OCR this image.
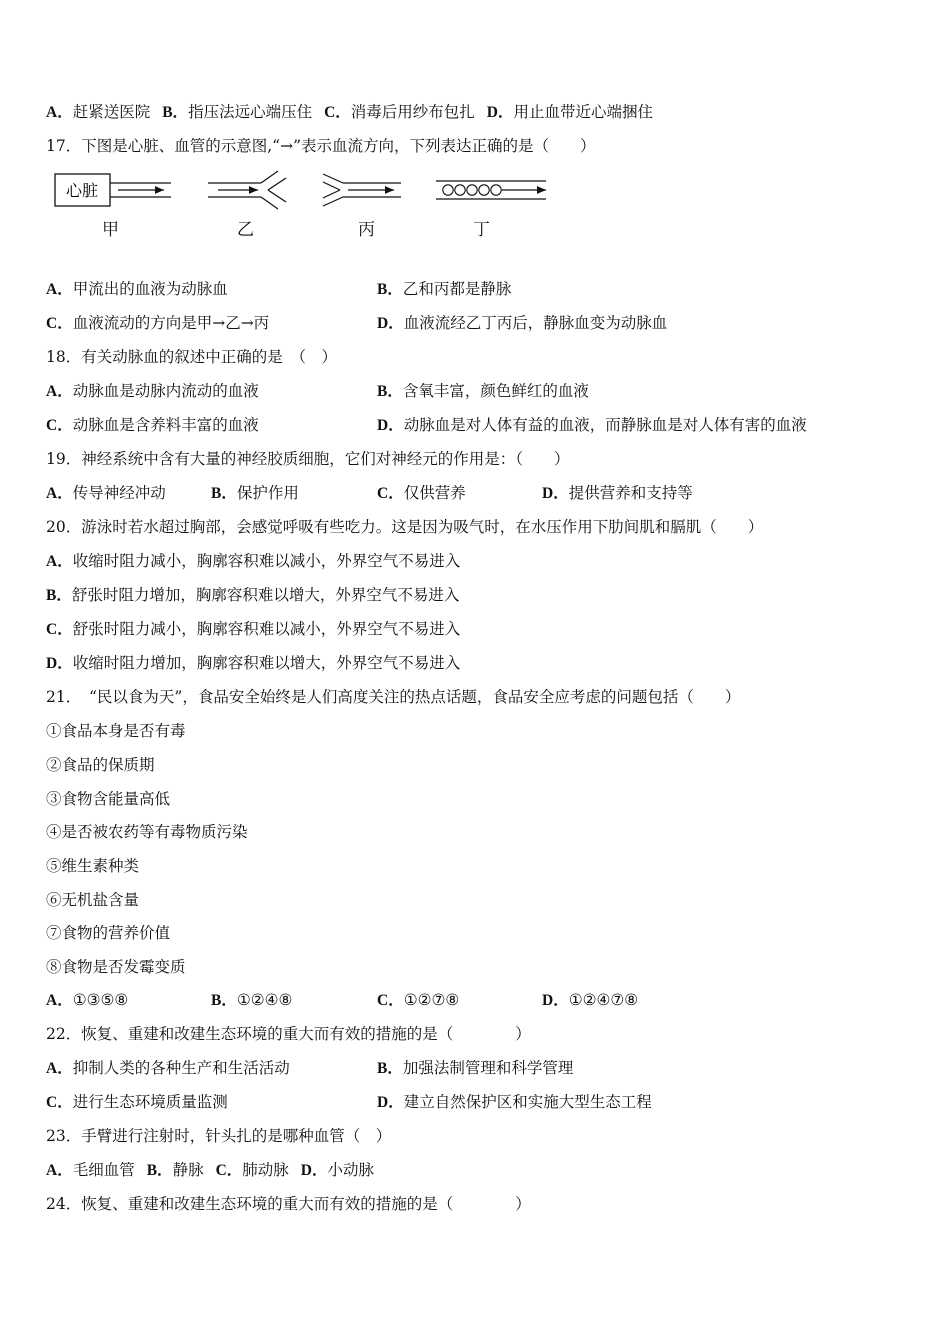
A．赶紧送医院 B．指压法远心端压住 C．消毒后用纱布包扎 D．用止血带近心端捆住
17．下图是心脏、血管的示意图,“→”表示血流方向，下列表达正确的是（　　）
心脏
甲	乙	丙	丁
A．甲流出的血液为动脉血	B．乙和丙都是静脉
C．血液流动的方向是甲→乙→丙	D．血液流经乙丁丙后，静脉血变为动脉血
18．有关动脉血的叙述中正确的是　（　）
A．动脉血是动脉内流动的血液	B．含氧丰富，颜色鲜红的血液
C．动脉血是含养料丰富的血液	D．动脉血是对人体有益的血液，而静脉血是对人体有害的血液
19．神经系统中含有大量的神经胶质细胞，它们对神经元的作用是：（　　）
A．传导神经冲动	B．保护作用	C．仅供营养	D．提供营养和支持等
20．游泳时若水超过胸部，会感觉呼吸有些吃力。这是因为吸气时，在水压作用下肋间肌和膈肌（　　）
A．收缩时阻力减小，胸廓容积难以减小，外界空气不易进入
B．舒张时阻力增加，胸廓容积难以增大，外界空气不易进入
C．舒张时阻力减小，胸廓容积难以减小，外界空气不易进入
D．收缩时阻力增加，胸廓容积难以增大，外界空气不易进入
21．　“民以食为天”，食品安全始终是人们高度关注的热点话题，食品安全应考虑的问题包括（　　）
①食品本身是否有毒
②食品的保质期
③食物含能量高低
④是否被农药等有毒物质污染
⑤维生素种类
⑥无机盐含量
⑦食物的营养价值
⑧食物是否发霉变质
A．①③⑤⑧	B．①②④⑧	C．①②⑦⑧	D．①②④⑦⑧
22．恢复、重建和改建生态环境的重大而有效的措施的是（　　　　）
A．抑制人类的各种生产和生活活动	B．加强法制管理和科学管理
C．进行生态环境质量监测	D．建立自然保护区和实施大型生态工程
23．手臂进行注射时，针头扎的是哪种血管（　）
A．毛细血管 B．静脉 C．肺动脉 D．小动脉
24．恢复、重建和改建生态环境的重大而有效的措施的是（　　　　）
